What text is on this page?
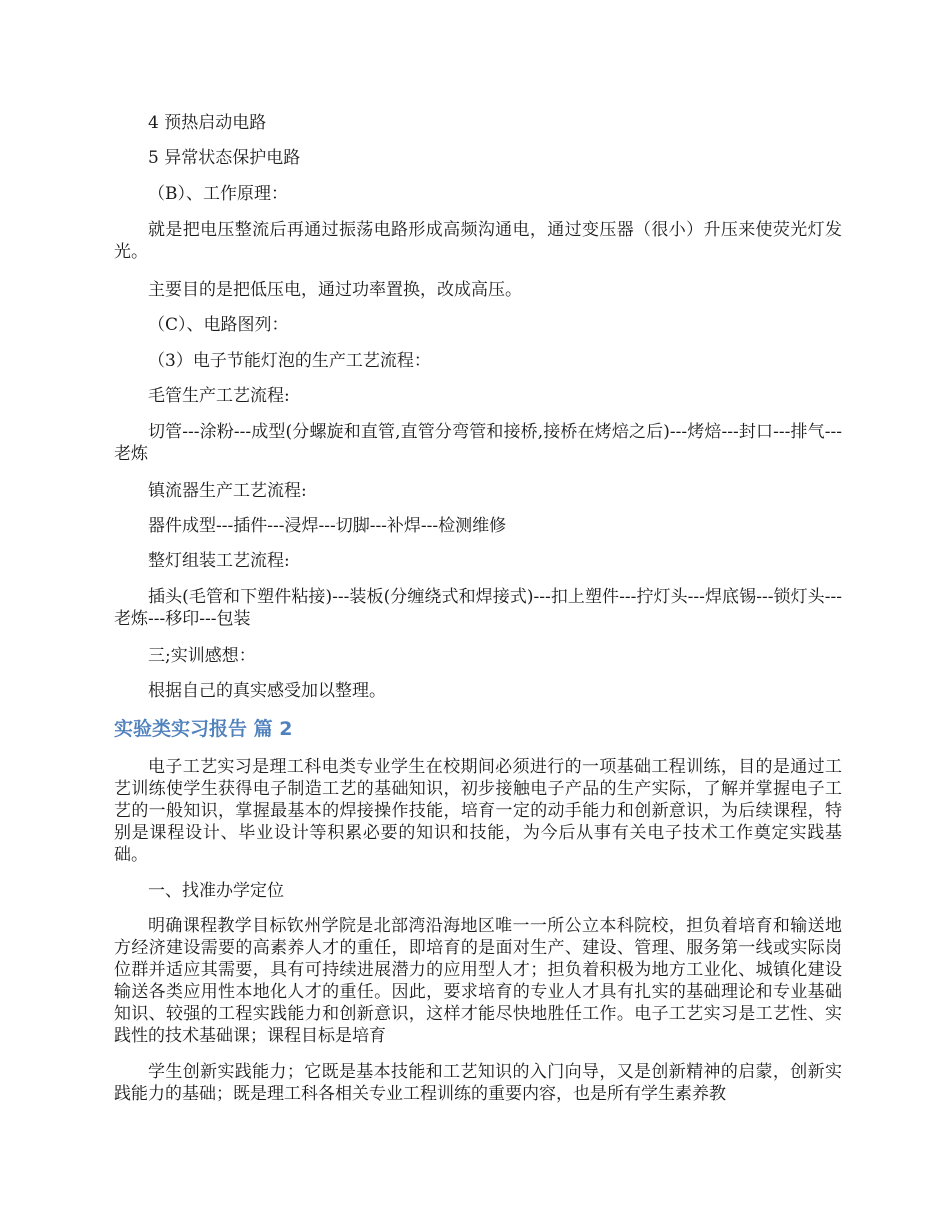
4 预热启动电路

5 异常状态保护电路

（B）、工作原理：

就是把电压整流后再通过振荡电路形成高频沟通电，通过变压器（很小）升压来使荧光灯发光。

主要目的是把低压电，通过功率置换，改成高压。

（C）、电路图列：

（3）电子节能灯泡的生产工艺流程：

毛管生产工艺流程:

切管---涂粉---成型(分螺旋和直管,直管分弯管和接桥,接桥在烤焙之后)---烤焙---封口---排气---老炼

镇流器生产工艺流程:

器件成型---插件---浸焊---切脚---补焊---检测维修

整灯组装工艺流程:

插头(毛管和下塑件粘接)---装板(分缠绕式和焊接式)---扣上塑件---拧灯头---焊底锡---锁灯头---老炼---移印---包装

三;实训感想：

根据自己的真实感受加以整理。

实验类实习报告 篇 2

电子工艺实习是理工科电类专业学生在校期间必须进行的一项基础工程训练，目的是通过工艺训练使学生获得电子制造工艺的基础知识，初步接触电子产品的生产实际，了解并掌握电子工艺的一般知识，掌握最基本的焊接操作技能，培育一定的动手能力和创新意识，为后续课程，特别是课程设计、毕业设计等积累必要的知识和技能，为今后从事有关电子技术工作奠定实践基础。

一、找准办学定位

明确课程教学目标钦州学院是北部湾沿海地区唯一一所公立本科院校，担负着培育和输送地方经济建设需要的高素养人才的重任，即培育的是面对生产、建设、管理、服务第一线或实际岗位群并适应其需要，具有可持续进展潜力的应用型人才；担负着积极为地方工业化、城镇化建设输送各类应用性本地化人才的重任。因此，要求培育的专业人才具有扎实的基础理论和专业基础知识、较强的工程实践能力和创新意识，这样才能尽快地胜任工作。电子工艺实习是工艺性、实践性的技术基础课；课程目标是培育

学生创新实践能力；它既是基本技能和工艺知识的入门向导，又是创新精神的启蒙，创新实践能力的基础；既是理工科各相关专业工程训练的重要内容，也是所有学生素养教
